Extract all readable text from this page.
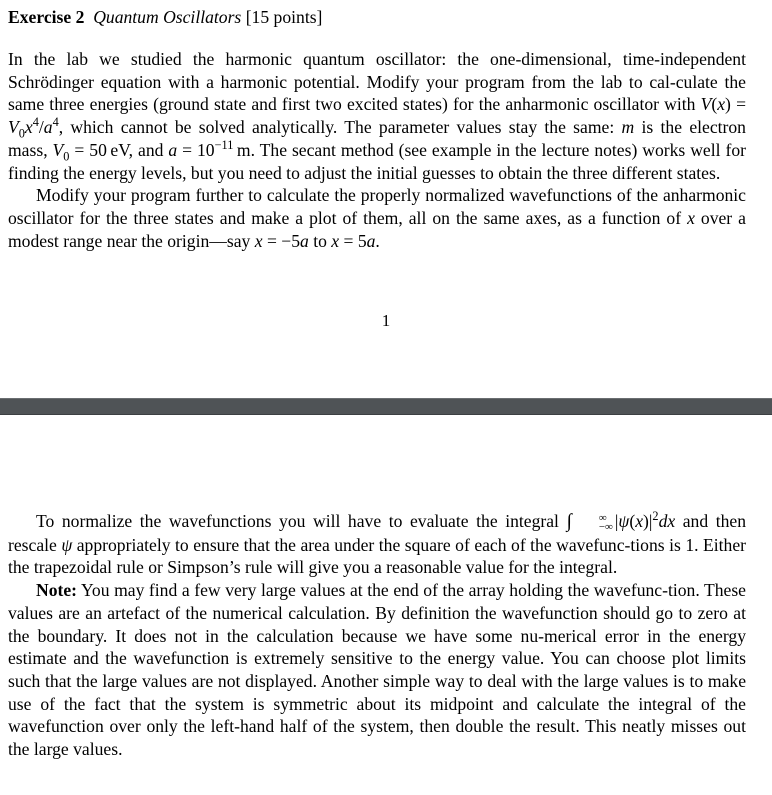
Exercise 2 Quantum Oscillators [15 points]

In the lab we studied the harmonic quantum oscillator: the one-dimensional, time-independent Schrödinger equation with a harmonic potential. Modify your program from the lab to cal-culate the same three energies (ground state and first two excited states) for the anharmonic oscillator with $V(x) = V_0x^4/a^4$, which cannot be solved analytically. The parameter values stay the same: m is the electron mass, $V_0 = 50$ eV, and $a = 10^{-11}$ m. The secant method (see example in the lecture notes) works well for finding the energy levels, but you need to adjust the initial guesses to obtain the three different states.

Modify your program further to calculate the properly normalized wavefunctions of the anharmonic oscillator for the three states and make a plot of them, all on the same axes, as a function of x over a modest range near the origin—say x = −5a to x = 5a.

1

To normalize the wavefunctions you will have to evaluate the integral ∫	∞
−∞ $|\psi(x)|^2dx$ and then rescale ψ appropriately to ensure that the area under the square of each of the wavefunc-tions is 1. Either the trapezoidal rule or Simpson’s rule will give you a reasonable value for the integral.

Note: You may find a few very large values at the end of the array holding the wavefunc-tion. These values are an artefact of the numerical calculation. By definition the wavefunction should go to zero at the boundary. It does not in the calculation because we have some nu-merical error in the energy estimate and the wavefunction is extremely sensitive to the energy value. You can choose plot limits such that the large values are not displayed. Another simple way to deal with the large values is to make use of the fact that the system is symmetric about its midpoint and calculate the integral of the wavefunction over only the left-hand half of the system, then double the result. This neatly misses out the large values.
